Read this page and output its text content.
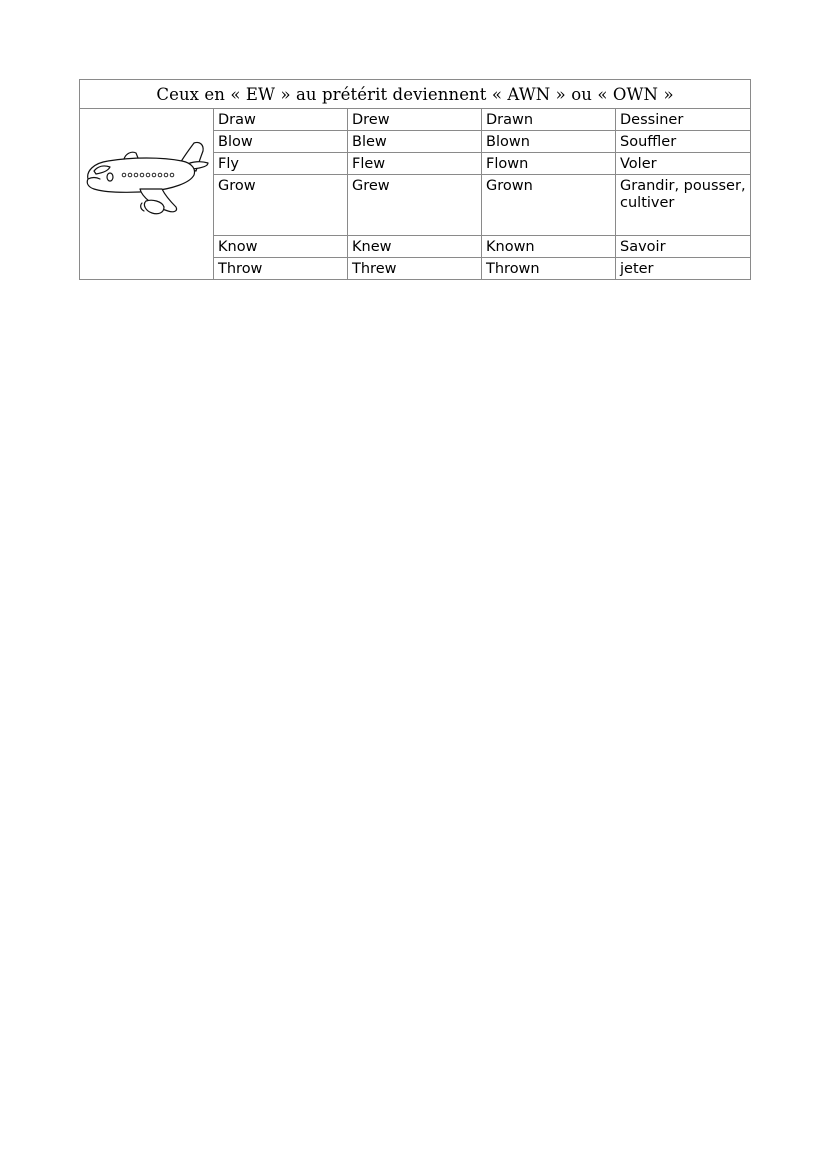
Ceux en « EW » au prétérit deviennent « AWN » ou « OWN »				

	Draw	Drew	Drawn	Dessiner
	Blow	Blew	Blown	Souffler
	Fly	Flew	Flown	Voler
	Grow	Grew	Grown	Grandir, pousser, cultiver
	Know	Knew	Known	Savoir
	Throw	Threw	Thrown	jeter
